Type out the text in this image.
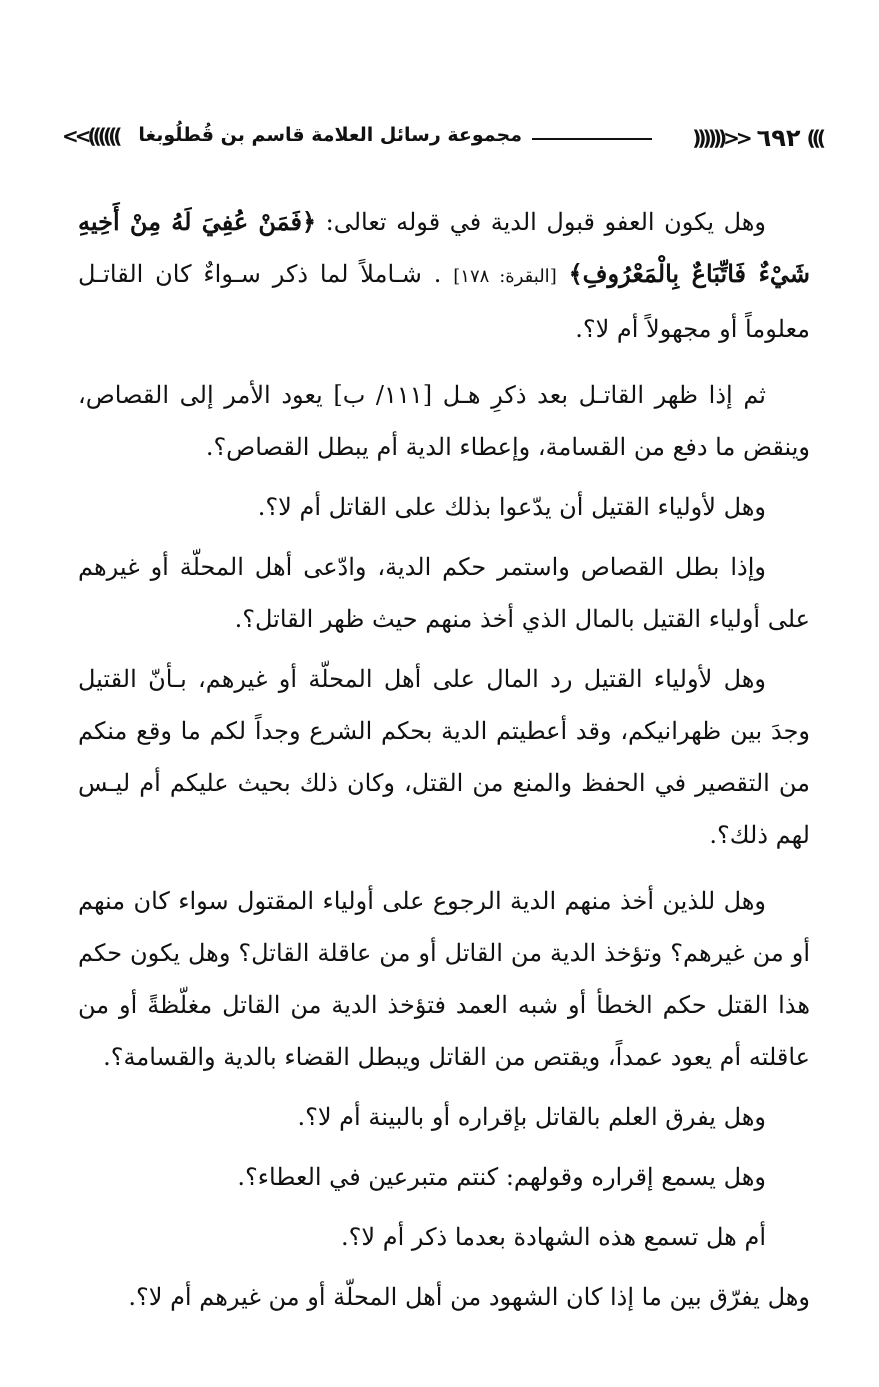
))))))>> ٦٩٢ (((
مجموعة رسائل العلامة قاسم بن قُطلُوبغا
<<((((((

وهل يكون العفو قبول الدية في قوله تعالى: ﴿فَمَنْ عُفِيَ لَهُ مِنْ أَخِيهِ شَيْءٌ فَاتِّبَاعٌ بِالْمَعْرُوفِ﴾ [البقرة: ١٧٨] . شـاملاً لما ذكر سـواءٌ كان القاتـل معلوماً أو مجهولاً أم لا؟.

ثم إذا ظهر القاتـل بعد ذكرِ هـل [١١١/ ب] يعود الأمر إلى القصاص، وينقض ما دفع من القسامة، وإعطاء الدية أم يبطل القصاص؟.

وهل لأولياء القتيل أن يدّعوا بذلك على القاتل أم لا؟.

وإذا بطل القصاص واستمر حكم الدية، وادّعى أهل المحلّة أو غيرهم على أولياء القتيل بالمال الذي أخذ منهم حيث ظهر القاتل؟.

وهل لأولياء القتيل رد المال على أهل المحلّة أو غيرهم، بـأنّ القتيل وجدَ بين ظهرانيكم، وقد أعطيتم الدية بحكم الشرع وجداً لكم ما وقع منكم من التقصير في الحفظ والمنع من القتل، وكان ذلك بحيث عليكم أم ليـس لهم ذلك؟.

وهل للذين أخذ منهم الدية الرجوع على أولياء المقتول سواء كان منهم أو من غيرهم؟ وتؤخذ الدية من القاتل أو من عاقلة القاتل؟ وهل يكون حكم هذا القتل حكم الخطأ أو شبه العمد فتؤخذ الدية من القاتل مغلّظةً أو من عاقلته أم يعود عمداً، ويقتص من القاتل ويبطل القضاء بالدية والقسامة؟.

وهل يفرق العلم بالقاتل بإقراره أو بالبينة أم لا؟.

وهل يسمع إقراره وقولهم: كنتم متبرعين في العطاء؟.

أم هل تسمع هذه الشهادة بعدما ذكر أم لا؟.

وهل يفرّق بين ما إذا كان الشهود من أهل المحلّة أو من غيرهم أم لا؟.
